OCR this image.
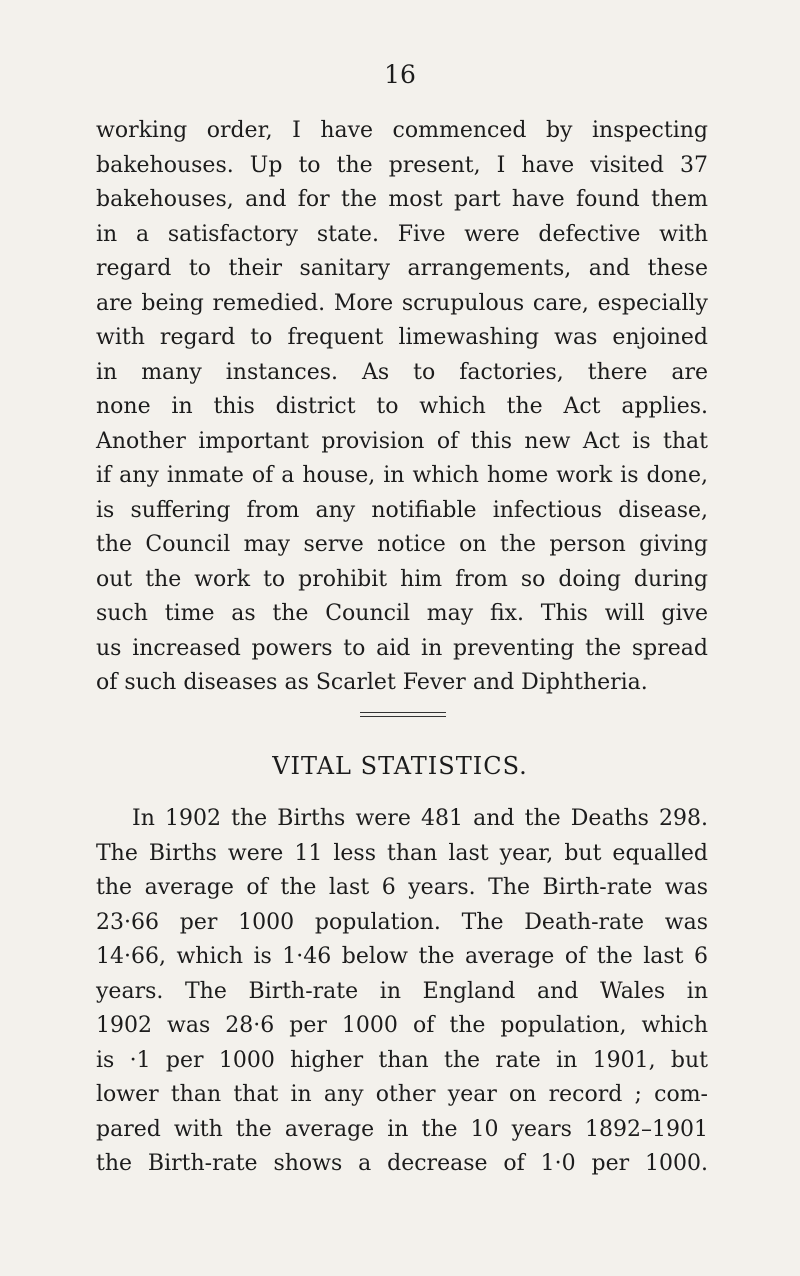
16
working order, I have commenced by inspecting
bakehouses. Up to the present, I have visited 37
bakehouses, and for the most part have found them
in a satisfactory state. Five were defective with
regard to their sanitary arrangements, and these
are being remedied. More scrupulous care, especially
with regard to frequent limewashing was enjoined
in many instances. As to factories, there are
none in this district to which the Act applies.
Another important provision of this new Act is that
if any inmate of a house, in which home work is done,
is suffering from any notifiable infectious disease,
the Council may serve notice on the person giving
out the work to prohibit him from so doing during
such time as the Council may fix. This will give
us increased powers to aid in preventing the spread
of such diseases as Scarlet Fever and Diphtheria.
VITAL STATISTICS.
In 1902 the Births were 481 and the Deaths 298.
The Births were 11 less than last year, but equalled
the average of the last 6 years. The Birth-rate was
23·66 per 1000 population. The Death-rate was
14·66, which is 1·46 below the average of the last 6
years. The Birth-rate in England and Wales in
1902 was 28·6 per 1000 of the population, which
is ·1 per 1000 higher than the rate in 1901, but
lower than that in any other year on record ; com-
pared with the average in the 10 years 1892–1901
the Birth-rate shows a decrease of 1·0 per 1000.
